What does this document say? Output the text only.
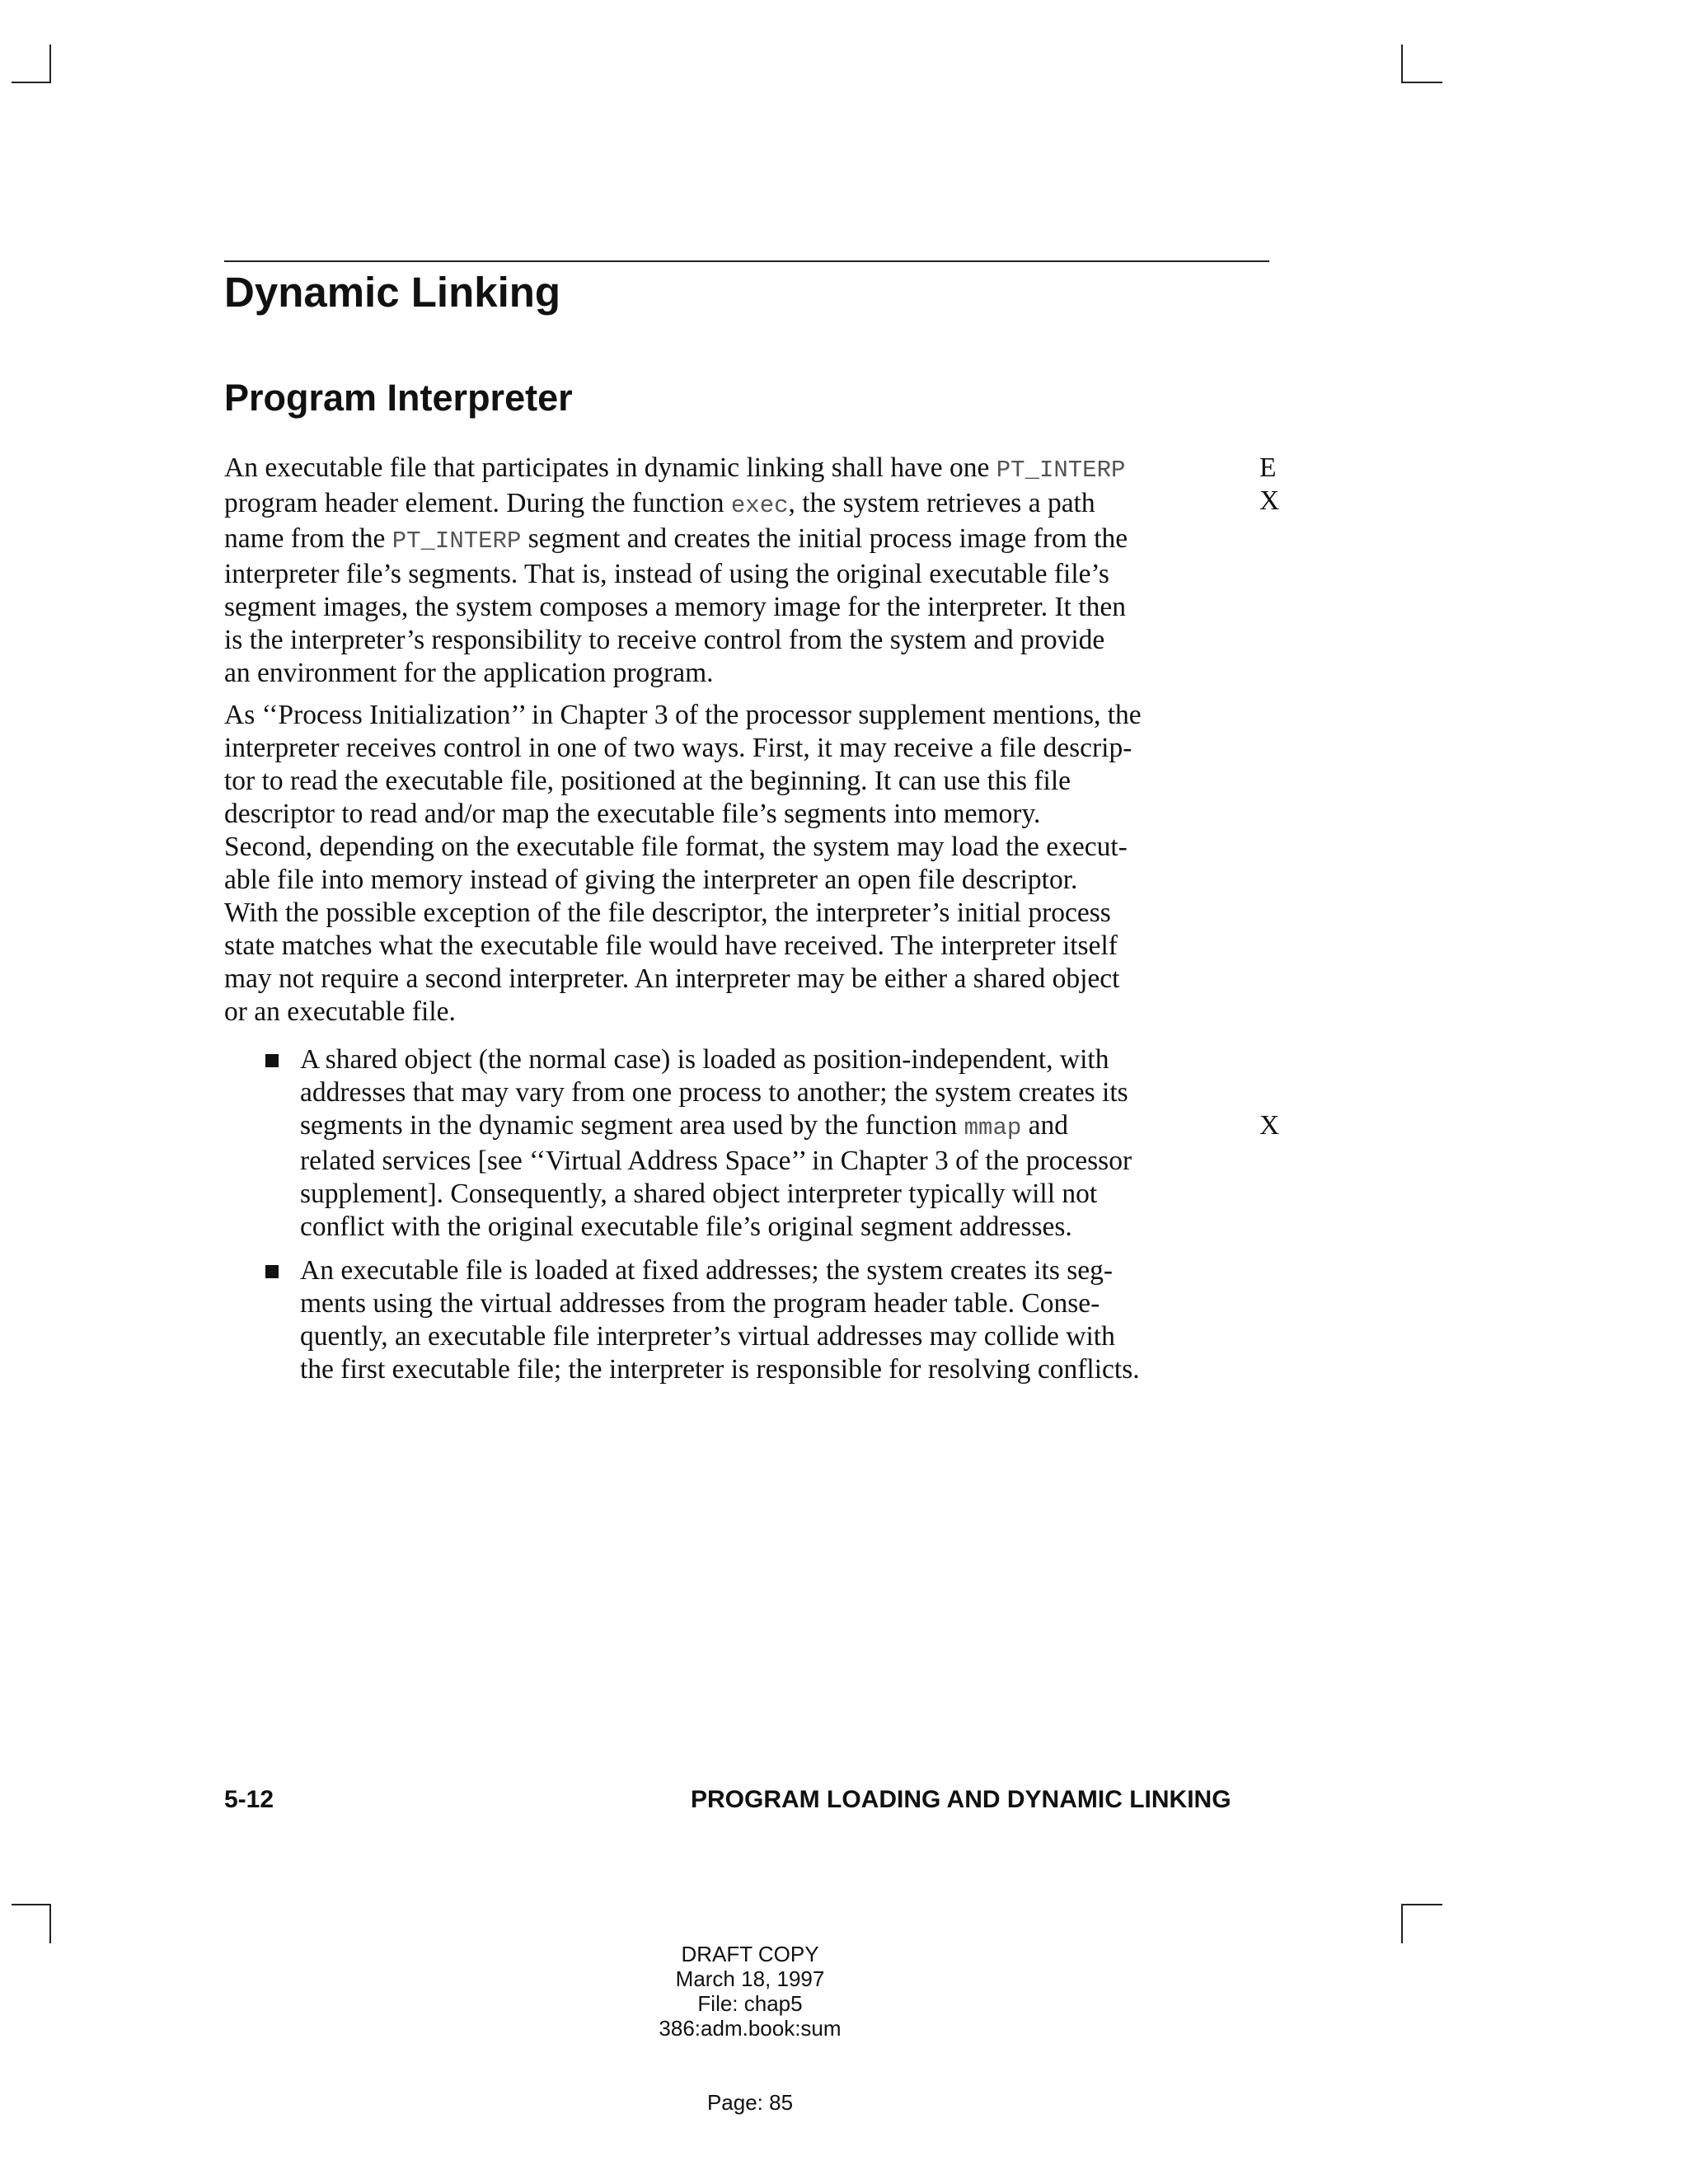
Dynamic Linking
Program Interpreter
An executable file that participates in dynamic linking shall have one PT_INTERP
program header element. During the function exec, the system retrieves a path
name from the PT_INTERP segment and creates the initial process image from the
interpreter file’s segments. That is, instead of using the original executable file’s
segment images, the system composes a memory image for the interpreter. It then
is the interpreter’s responsibility to receive control from the system and provide
an environment for the application program.
E
X
X
As ‘‘Process Initialization’’ in Chapter 3 of the processor supplement mentions, the
interpreter receives control in one of two ways. First, it may receive a file descrip-
tor to read the executable file, positioned at the beginning. It can use this file
descriptor to read and/or map the executable file’s segments into memory.
Second, depending on the executable file format, the system may load the execut-
able file into memory instead of giving the interpreter an open file descriptor.
With the possible exception of the file descriptor, the interpreter’s initial process
state matches what the executable file would have received. The interpreter itself
may not require a second interpreter. An interpreter may be either a shared object
or an executable file.
A shared object (the normal case) is loaded as position-independent, with
addresses that may vary from one process to another; the system creates its
segments in the dynamic segment area used by the function mmap and
related services [see ‘‘Virtual Address Space’’ in Chapter 3 of the processor
supplement]. Consequently, a shared object interpreter typically will not
conflict with the original executable file’s original segment addresses.
An executable file is loaded at fixed addresses; the system creates its seg-
ments using the virtual addresses from the program header table. Conse-
quently, an executable file interpreter’s virtual addresses may collide with
the first executable file; the interpreter is responsible for resolving conflicts.
5-12	PROGRAM LOADING AND DYNAMIC LINKING
DRAFT COPY
March 18, 1997
File: chap5
386:adm.book:sum
Page: 85
